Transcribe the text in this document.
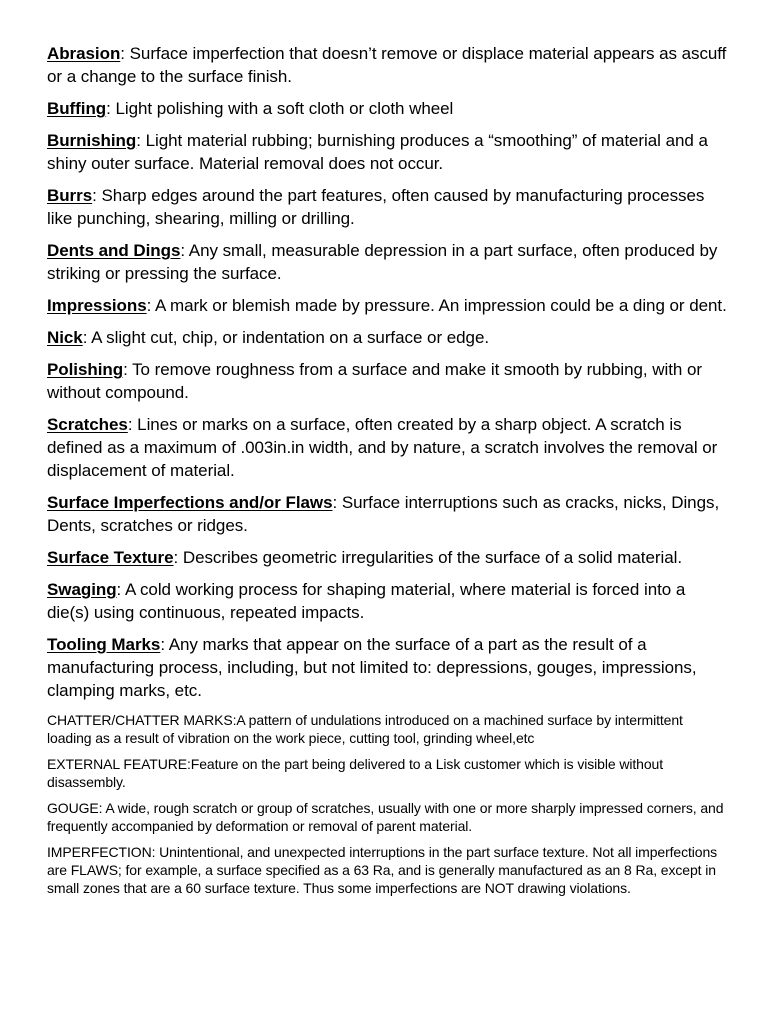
Abrasion: Surface imperfection that doesn’t remove or displace material appears as ascuff or a change to the surface finish.

Buffing: Light polishing with a soft cloth or cloth wheel

Burnishing: Light material rubbing; burnishing produces a “smoothing” of material and a shiny outer surface. Material removal does not occur.

Burrs: Sharp edges around the part features, often caused by manufacturing processes like punching, shearing, milling or drilling.

Dents and Dings: Any small, measurable depression in a part surface, often produced by striking or pressing the surface.

Impressions: A mark or blemish made by pressure. An impression could be a ding or dent.

Nick: A slight cut, chip, or indentation on a surface or edge.

Polishing: To remove roughness from a surface and make it smooth by rubbing, with or without compound.

Scratches: Lines or marks on a surface, often created by a sharp object. A scratch is defined as a maximum of .003in.in width, and by nature, a scratch involves the removal or displacement of material.

Surface Imperfections and/or Flaws: Surface interruptions such as cracks, nicks, Dings, Dents, scratches or ridges.

Surface Texture: Describes geometric irregularities of the surface of a solid material.

Swaging: A cold working process for shaping material, where material is forced into a die(s) using continuous, repeated impacts.

Tooling Marks: Any marks that appear on the surface of a part as the result of a manufacturing process, including, but not limited to: depressions, gouges, impressions, clamping marks, etc.

CHATTER/CHATTER MARKS:A pattern of undulations introduced on a machined surface by intermittent loading as a result of vibration on the work piece, cutting tool, grinding wheel,etc

EXTERNAL FEATURE:Feature on the part being delivered to a Lisk customer which is visible without disassembly.

GOUGE: A wide, rough scratch or group of scratches, usually with one or more sharply impressed corners, and frequently accompanied by deformation or removal of parent material.

IMPERFECTION: Unintentional, and unexpected interruptions in the part surface texture. Not all imperfections are FLAWS; for example, a surface specified as a 63 Ra, and is generally manufactured as an 8 Ra, except in small zones that are a 60 surface texture. Thus some imperfections are NOT drawing violations.
